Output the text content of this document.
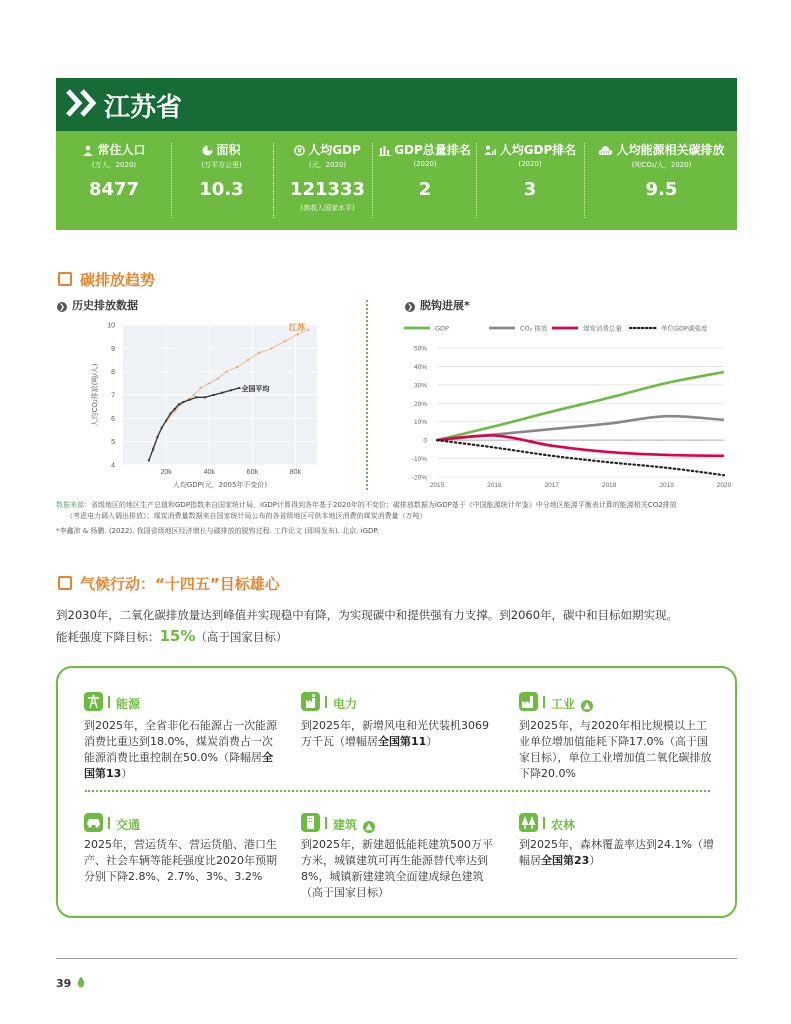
江苏省
常住人口
(万人，2020)
8477
面积
(万平方公里)
10.3
人均GDP
(元，2020)
121333
(高收入国家水平)
GDP总量排名
(2020)
2
人均GDP排名
(2020)
3
CO2 人均能源相关碳排放
(吨CO₂/人，2020)
9.5
碳排放趋势
❯ 历史排放数据	❯ 脱钩进展*
20k	40k	60k	80k
4
5
6
7
8
9
10
人均GDP(元，2005年不变价)
人均CO₂排放(吨/人)
江苏
全国平均
GDP	CO₂ 排放	煤炭消费总量	单位GDP碳强度
50%
40%
30%
20%
10%
0
-10%
-20%
2015	2016	2017	2018	2019	2020
数据来源：省级地区的地区生产总值和GDP指数来自国家统计局，iGDP计算得到各年基于2020年的不变价；碳排放数据为iGDP基于《中国能源统计年鉴》中分地区能源平衡表计算的能源相关CO2排放
（考虑电力调入调出排放）；煤炭消费量数据来自国家统计局公布的各省级地区可供本地区消费的煤炭消费量（万吨）
*李鑫沛 & 杨鹏. (2022). 我国省级地区经济增长与碳排放的脱钩过程. 工作论文 (即将发布). 北京. iGDP.
气候行动：“十四五”目标雄心
到2030年，二氧化碳排放量达到峰值并实现稳中有降，为实现碳中和提供强有力支撑。到2060年，碳中和目标如期实现。
能耗强度下降目标：15%（高于国家目标）
能源
到2025年，全省非化石能源占一次能源消费比重达到18.0%，煤炭消费占一次能源消费比重控制在50.0%（降幅居全国第13）
电力
到2025年，新增风电和光伏装机3069万千瓦（增幅居全国第11）
工业 ▲
到2025年，与2020年相比规模以上工业单位增加值能耗下降17.0%（高于国家目标），单位工业增加值二氧化碳排放下降20.0%
交通
2025年，营运货车、营运货船、港口生产、社会车辆等能耗强度比2020年预期分别下降2.8%、2.7%、3%、3.2%
建筑 ▲
到2025年，新建超低能耗建筑500万平方米，城镇建筑可再生能源替代率达到8%，城镇新建建筑全面建成绿色建筑（高于国家目标）
农林
到2025年，森林覆盖率达到24.1%（增幅居全国第23）
39
